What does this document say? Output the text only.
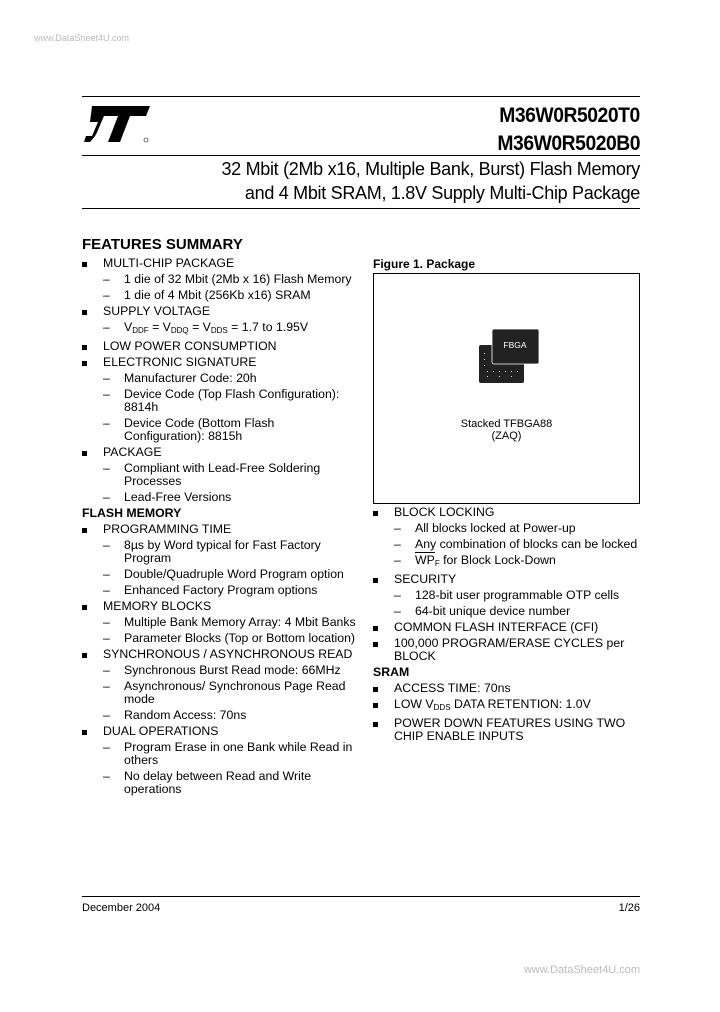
www.DataSheet4U.com
M36W0R5020T0
M36W0R5020B0
32 Mbit (2Mb x16, Multiple Bank, Burst) Flash Memory
and 4 Mbit SRAM, 1.8V Supply Multi-Chip Package
FEATURES SUMMARY
MULTI-CHIP PACKAGE
– 1 die of 32 Mbit (2Mb x 16) Flash Memory
– 1 die of 4 Mbit (256Kb x16) SRAM
SUPPLY VOLTAGE
– $V_{DDF} = V_{DDQ} = V_{DDS} = 1.7$ to 1.95V
LOW POWER CONSUMPTION
ELECTRONIC SIGNATURE
– Manufacturer Code: 20h
– Device Code (Top Flash Configuration): 8814h
– Device Code (Bottom Flash Configuration): 8815h
PACKAGE
– Compliant with Lead-Free Soldering Processes
– Lead-Free Versions
FLASH MEMORY
PROGRAMMING TIME
– 8µs by Word typical for Fast Factory Program
– Double/Quadruple Word Program option
– Enhanced Factory Program options
MEMORY BLOCKS
– Multiple Bank Memory Array: 4 Mbit Banks
– Parameter Blocks (Top or Bottom location)
SYNCHRONOUS / ASYNCHRONOUS READ
– Synchronous Burst Read mode: 66MHz
– Asynchronous/ Synchronous Page Read mode
– Random Access: 70ns
DUAL OPERATIONS
– Program Erase in one Bank while Read in others
– No delay between Read and Write operations
Figure 1. Package
FBGA
Stacked TFBGA88
(ZAQ)
BLOCK LOCKING
– All blocks locked at Power-up
– Any combination of blocks can be locked
– $\overline{WP}_F$ for Block Lock-Down
SECURITY
– 128-bit user programmable OTP cells
– 64-bit unique device number
COMMON FLASH INTERFACE (CFI)
100,000 PROGRAM/ERASE CYCLES per BLOCK
SRAM
ACCESS TIME: 70ns
LOW $V_{DDS}$ DATA RETENTION: 1.0V
POWER DOWN FEATURES USING TWO CHIP ENABLE INPUTS
December 2004	1/26
www.DataSheet4U.com
